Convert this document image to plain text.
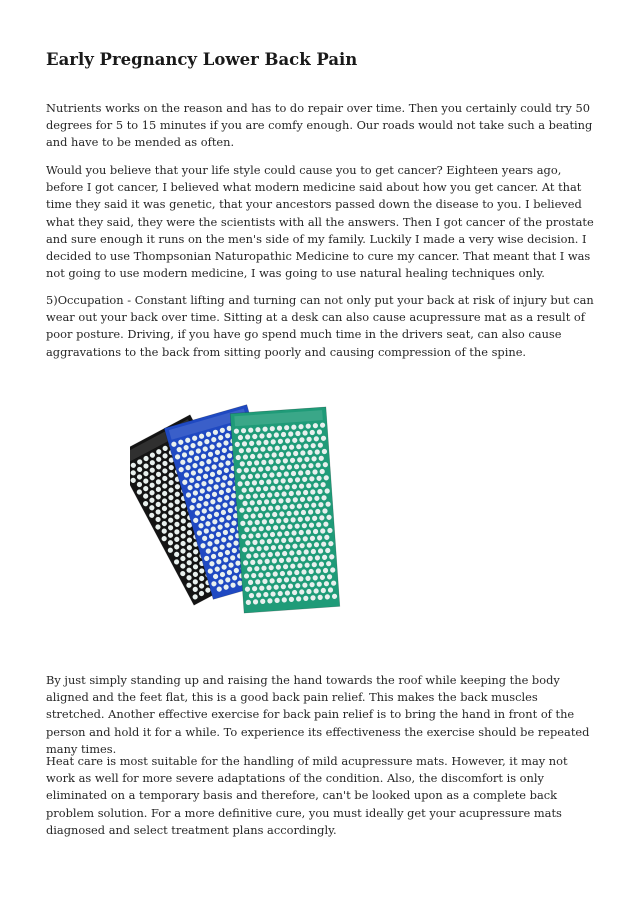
Early Pregnancy Lower Back Pain

Nutrients works on the reason and has to do repair over time. Then you certainly could try 50 degrees for 5 to 15 minutes if you are comfy enough. Our roads would not take such a beating and have to be mended as often.

Would you believe that your life style could cause you to get cancer? Eighteen years ago, before I got cancer, I believed what modern medicine said about how you get cancer. At that time they said it was genetic, that your ancestors passed down the disease to you. I believed what they said, they were the scientists with all the answers. Then I got cancer of the prostate and sure enough it runs on the men's side of my family. Luckily I made a very wise decision. I decided to use Thompsonian Naturopathic Medicine to cure my cancer. That meant that I was not going to use modern medicine, I was going to use natural healing techniques only.

5)Occupation - Constant lifting and turning can not only put your back at risk of injury but can wear out your back over time. Sitting at a desk can also cause acupressure mat as a result of poor posture. Driving, if you have go spend much time in the drivers seat, can also cause aggravations to the back from sitting poorly and causing compression of the spine.

By just simply standing up and raising the hand towards the roof while keeping the body aligned and the feet flat, this is a good back pain relief. This makes the back muscles stretched. Another effective exercise for back pain relief is to bring the hand in front of the person and hold it for a while. To experience its effectiveness the exercise should be repeated many times.

Heat care is most suitable for the handling of mild acupressure mats. However, it may not work as well for more severe adaptations of the condition. Also, the discomfort is only eliminated on a temporary basis and therefore, can't be looked upon as a complete back problem solution. For a more definitive cure, you must ideally get your acupressure mats diagnosed and select treatment plans accordingly.
